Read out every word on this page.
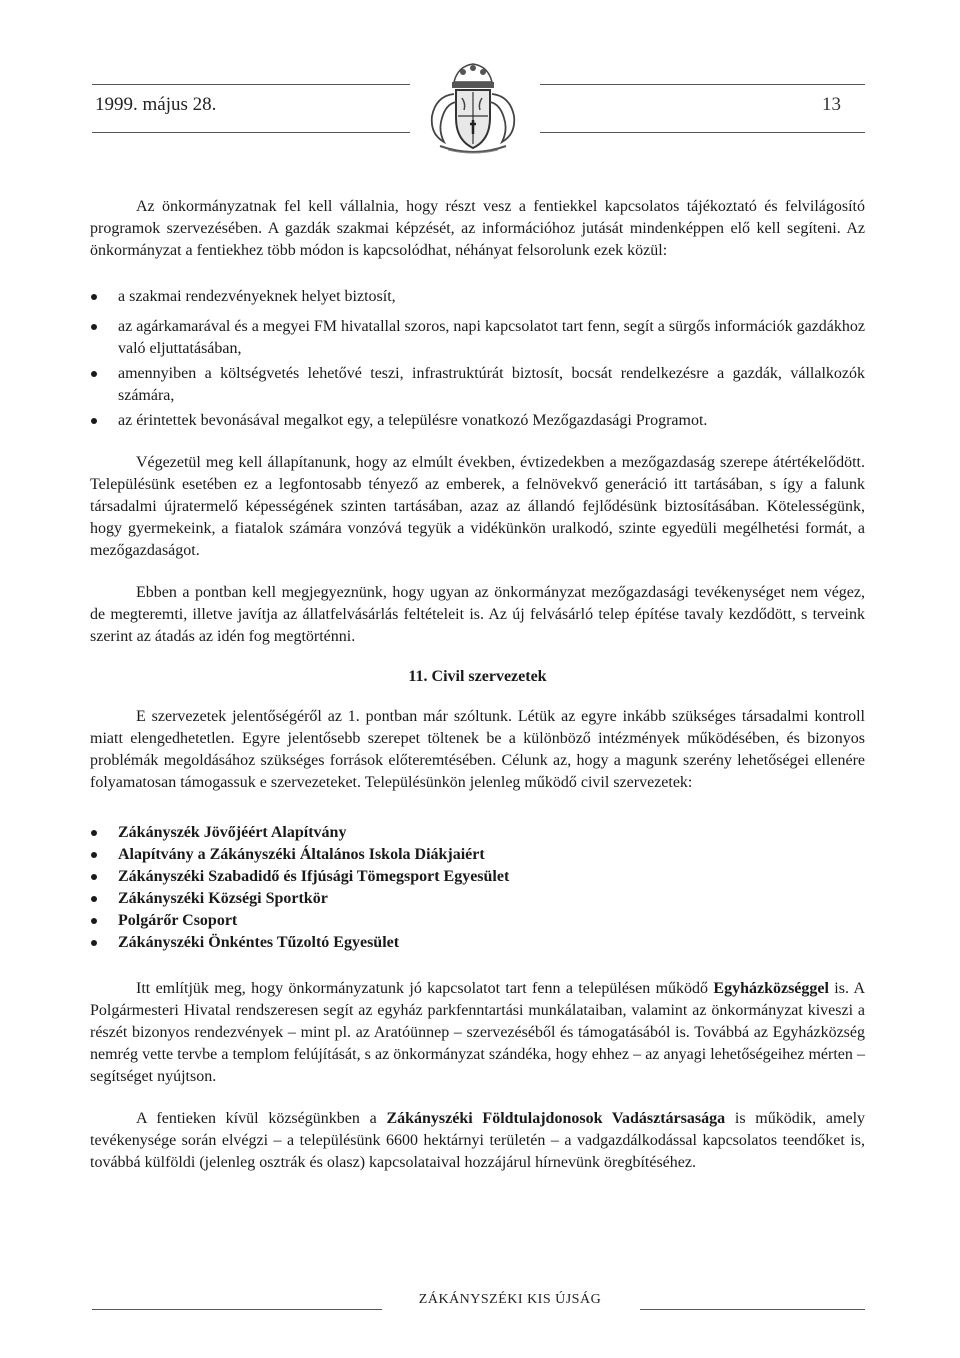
1999. május 28.	13

Az önkormányzatnak fel kell vállalnia, hogy részt vesz a fentiekkel kapcsolatos tájékoztató és felvilágosító programok szervezésében. A gazdák szakmai képzését, az információhoz jutását mindenképpen elő kell segíteni. Az önkormányzat a fentiekhez több módon is kapcsolódhat, néhányat felsorolunk ezek közül:

a szakmai rendezvényeknek helyet biztosít,
az agárkamarával és a megyei FM hivatallal szoros, napi kapcsolatot tart fenn, segít a sürgős információk gazdákhoz való eljuttatásában,
amennyiben a költségvetés lehetővé teszi, infrastruktúrát biztosít, bocsát rendelkezésre a gazdák, vállalkozók számára,
az érintettek bevonásával megalkot egy, a településre vonatkozó Mezőgazdasági Programot.

Végezetül meg kell állapítanunk, hogy az elmúlt években, évtizedekben a mezőgazdaság szerepe átértékelődött. Településünk esetében ez a legfontosabb tényező az emberek, a felnövekvő generáció itt tartásában, s így a falunk társadalmi újratermelő képességének szinten tartásában, azaz az állandó fejlődésünk biztosításában. Kötelességünk, hogy gyermekeink, a fiatalok számára vonzóvá tegyük a vidékünkön uralkodó, szinte egyedüli megélhetési formát, a mezőgazdaságot.

Ebben a pontban kell megjegyeznünk, hogy ugyan az önkormányzat mezőgazdasági tevékenységet nem végez, de megteremti, illetve javítja az állatfelvásárlás feltételeit is. Az új felvásárló telep építése tavaly kezdődött, s terveink szerint az átadás az idén fog megtörténni.

11. Civil szervezetek

E szervezetek jelentőségéről az 1. pontban már szóltunk. Létük az egyre inkább szükséges társadalmi kontroll miatt elengedhetetlen. Egyre jelentősebb szerepet töltenek be a különböző intézmények működésében, és bizonyos problémák megoldásához szükséges források előteremtésében. Célunk az, hogy a magunk szerény lehetőségei ellenére folyamatosan támogassuk e szervezeteket. Településünkön jelenleg működő civil szervezetek:

Zákányszék Jövőjéért Alapítvány
Alapítvány a Zákányszéki Általános Iskola Diákjaiért
Zákányszéki Szabadidő és Ifjúsági Tömegsport Egyesület
Zákányszéki Községi Sportkör
Polgárőr Csoport
Zákányszéki Önkéntes Tűzoltó Egyesület

Itt említjük meg, hogy önkormányzatunk jó kapcsolatot tart fenn a településen működő Egyházközséggel is. A Polgármesteri Hivatal rendszeresen segít az egyház parkfenntartási munkálataiban, valamint az önkormányzat kiveszi a részét bizonyos rendezvények – mint pl. az Aratóünnep – szervezéséből és támogatásából is. Továbbá az Egyházközség nemrég vette tervbe a templom felújítását, s az önkormányzat szándéka, hogy ehhez – az anyagi lehetőségeihez mérten – segítséget nyújtson.

A fentieken kívül községünkben a Zákányszéki Földtulajdonosok Vadásztársasága is működik, amely tevékenysége során elvégzi – a településünk 6600 hektárnyi területén – a vadgazdálkodással kapcsolatos teendőket is, továbbá külföldi (jelenleg osztrák és olasz) kapcsolataival hozzájárul hírnevünk öregbítéséhez.

ZÁKÁNYSZÉKI KIS ÚJSÁG
